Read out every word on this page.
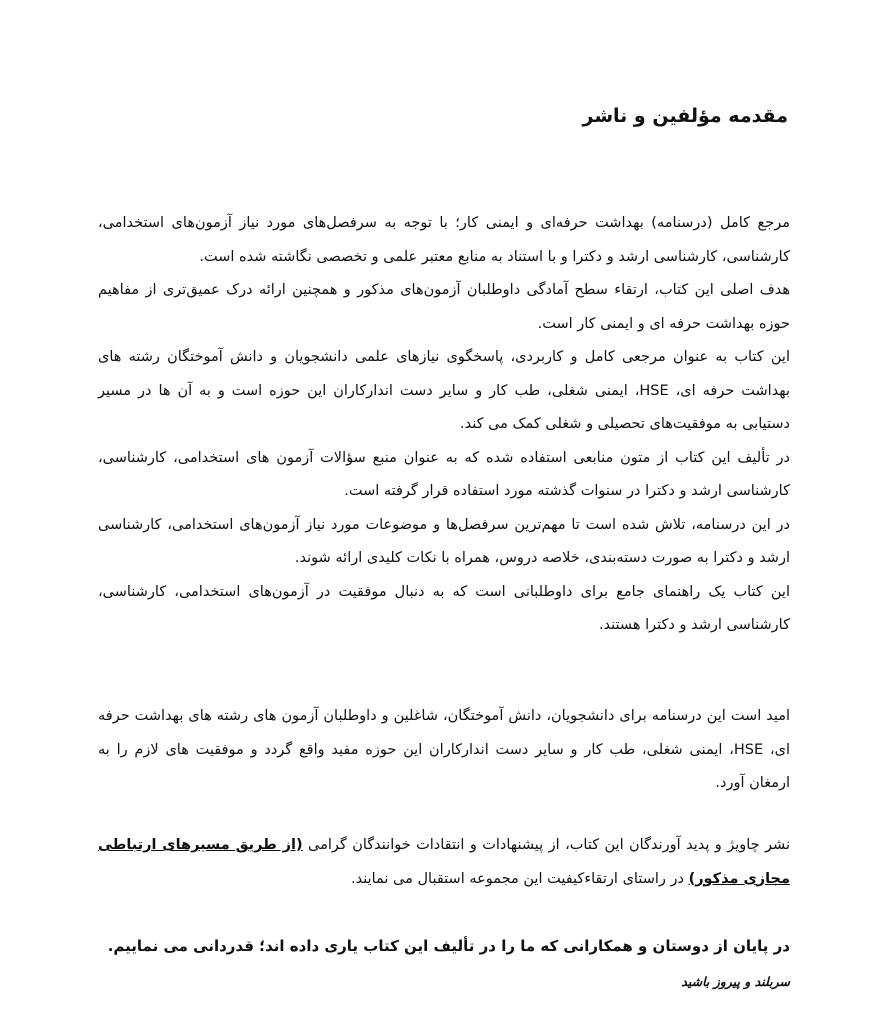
مقدمه مؤلفین و ناشر

مرجع کامل (درسنامه) بهداشت حرفه‌ای و ایمنی کار؛ با توجه به سرفصل‌های مورد نیاز آزمون‌های استخدامی، کارشناسی، کارشناسی ارشد و دکترا و با استناد به منابع معتبر علمی و تخصصی نگاشته شده است.

هدف اصلی این کتاب، ارتقاء سطح آمادگی داوطلبان آزمون‌های مذکور و همچنین ارائه درک عمیق‌تری از مفاهیم حوزه بهداشت حرفه ای و ایمنی کار است.

این کتاب به عنوان مرجعی کامل و کاربردی، پاسخگوی نیازهای علمی دانشجویان و دانش آموختگان رشته های بهداشت حرفه ای، HSE، ایمنی شغلی، طب کار و سایر دست اندارکاران این حوزه است و به آن ها در مسیر دستیابی به موفقیت‌های تحصیلی و شغلی کمک می کند.

در تألیف این کتاب از متون منابعی استفاده شده که به عنوان منبع سؤالات آزمون های استخدامی، کارشناسی، کارشناسی ارشد و دکترا در سنوات گذشته مورد استفاده قرار گرفته است.

در این درسنامه، تلاش شده است تا مهم‌ترین سرفصل‌ها و موضوعات مورد نیاز آزمون‌های استخدامی، کارشناسی ارشد و دکترا به صورت دسته‌بندی، خلاصه دروس، همراه با نکات کلیدی ارائه شوند.

این کتاب یک راهنمای جامع برای داوطلبانی است که به دنبال موفقیت در آزمون‌های استخدامی، کارشناسی، کارشناسی ارشد و دکترا هستند.

امید است این درسنامه برای دانشجویان، دانش آموختگان، شاغلین و داوطلبان آزمون های رشته های بهداشت حرفه ای، HSE، ایمنی شغلی، طب کار و سایر دست اندارکاران این حوزه مفید واقع گردد و موفقیت های لازم را به ارمغان آورد.

نشر چاویژ و پدید آورندگان این کتاب، از پیشنهادات و انتقادات خوانندگان گرامی (از طریق مسیرهای ارتباطی مجازی مذکور) در راستای ارتقاءکیفیت این مجموعه استقبال می نمایند.

در پایان از دوستان و همکارانی که ما را در تألیف این کتاب یاری داده اند؛ قدردانی می نماییم.

سربلند و پیروز باشید
